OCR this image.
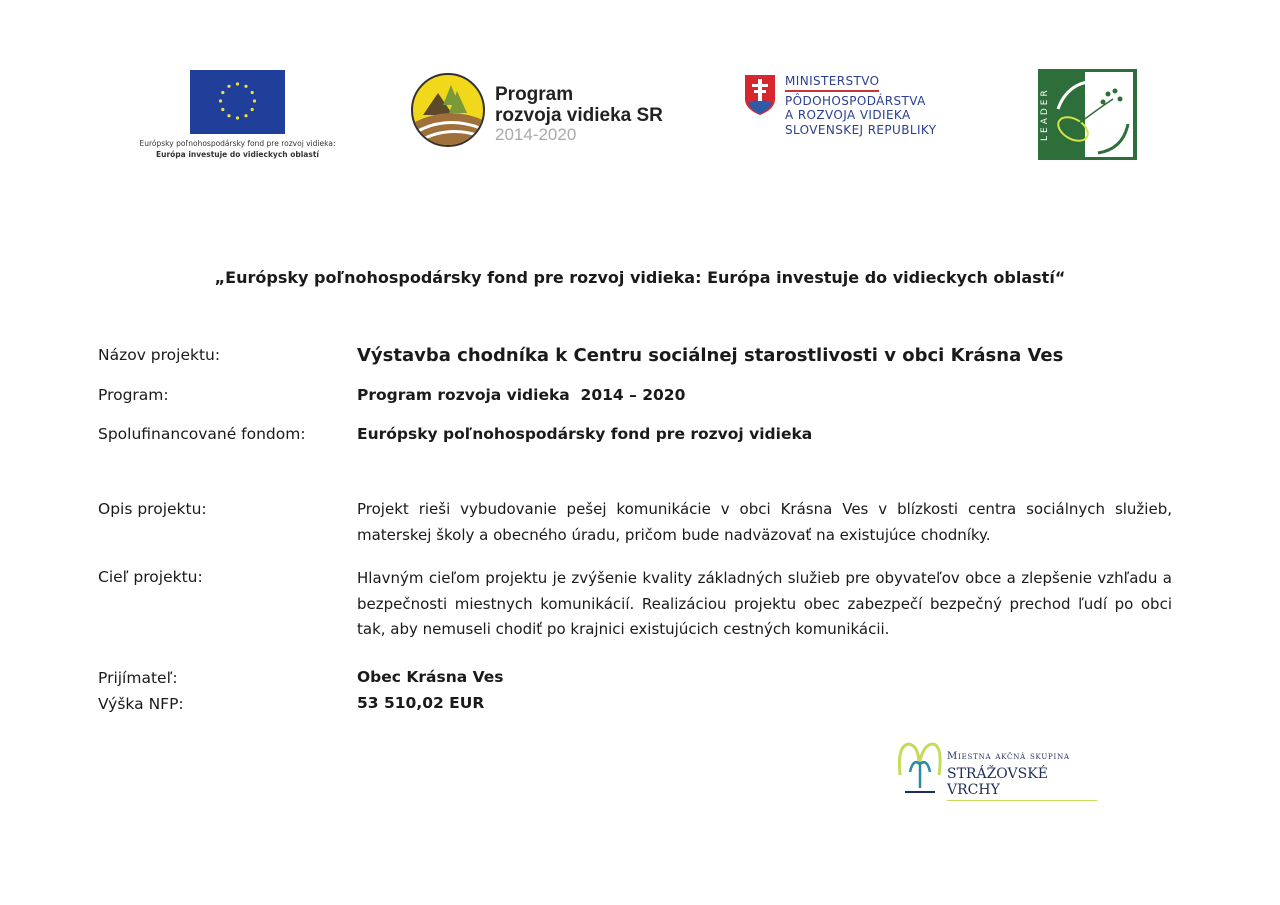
Európsky poľnohospodársky fond pre rozvoj vidieka:
Európa investuje do vidieckych oblastí
Program
rozvoja vidieka SR
2014-2020
MINISTERSTVO
PÔDOHOSPODÁRSTVA
A ROZVOJA VIDIEKA
SLOVENSKEJ REPUBLIKY	LEADER
„Európsky poľnohospodársky fond pre rozvoj vidieka: Európa investuje do vidieckych oblastí“
Názov projektu:	Výstavba chodníka k Centru sociálnej starostlivosti v obci Krásna Ves
Program:	Program rozvoja vidieka  2014 – 2020
Spolufinancované fondom:	Európsky poľnohospodársky fond pre rozvoj vidieka
Opis projektu:	Projekt rieši vybudovanie pešej komunikácie v obci Krásna Ves v blízkosti centra sociálnych služieb, materskej školy a obecného úradu, pričom bude nadväzovať na existujúce chodníky.
Cieľ projektu:	Hlavným cieľom projektu je zvýšenie kvality základných služieb pre obyvateľov obce a zlepšenie vzhľadu a bezpečnosti miestnych komunikácií. Realizáciou projektu obec zabezpečí bezpečný prechod ľudí po obci tak, aby nemuseli chodiť po krajnici existujúcich cestných komunikácii.
Prijímateľ:	Obec Krásna Ves
Výška NFP:	53 510,02 EUR
Miestna akčná skupina
STRÁŽOVSKÉ VRCHY
